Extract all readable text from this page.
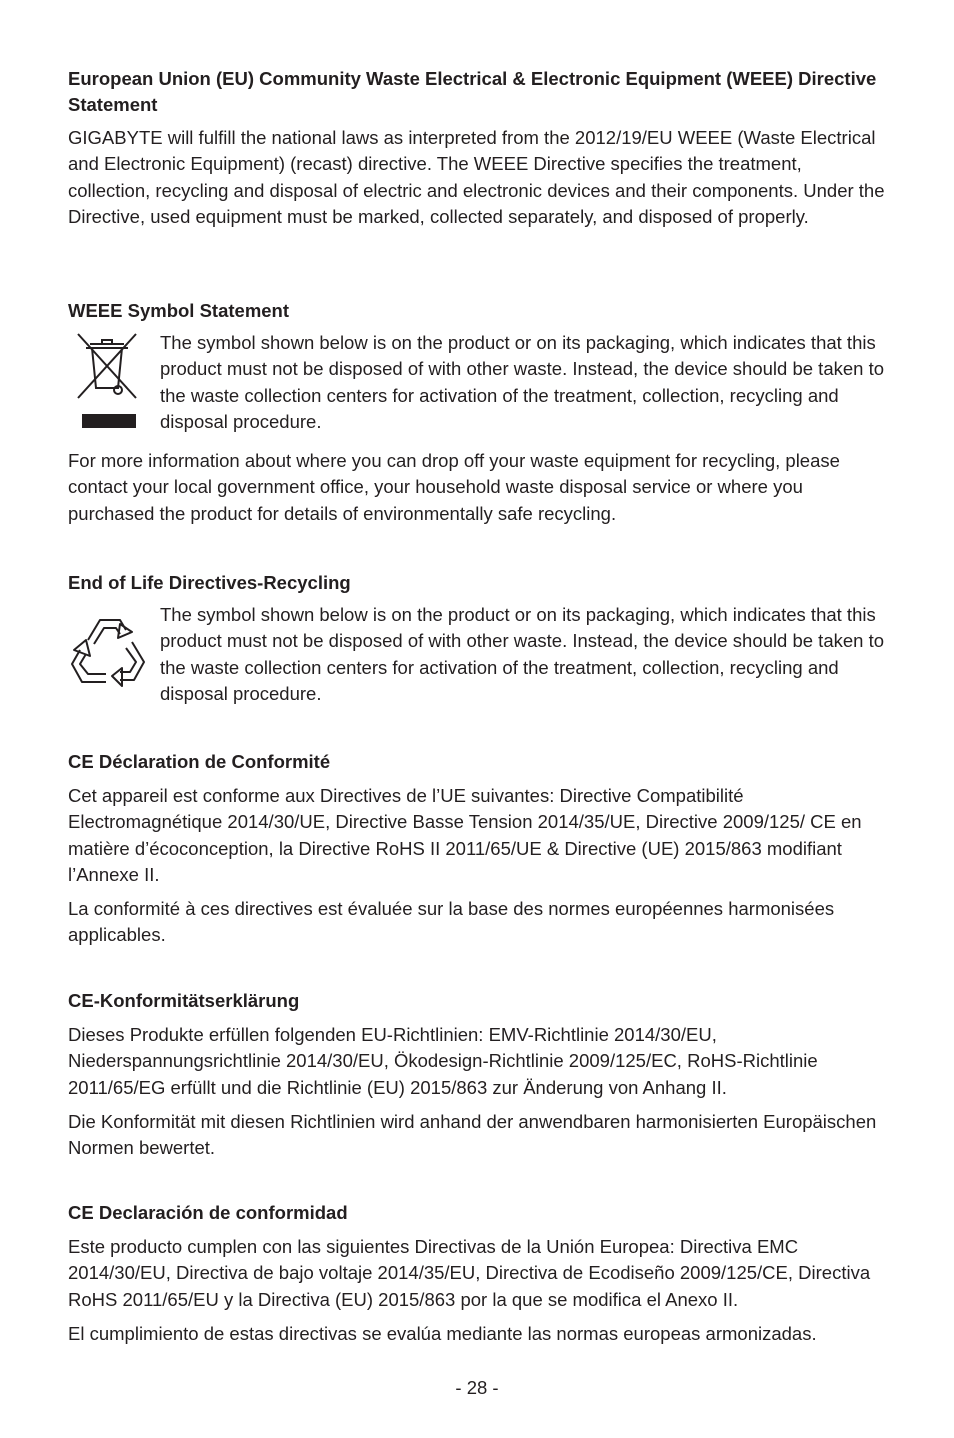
European Union (EU) Community Waste Electrical & Electronic Equipment (WEEE) Directive Statement

GIGABYTE will fulfill the national laws as interpreted from the 2012/19/EU WEEE (Waste Electrical and Electronic Equipment) (recast) directive. The WEEE Directive specifies the treatment, collection, recycling and disposal of electric and electronic devices and their components. Under the Directive, used equipment must be marked, collected separately, and disposed of properly.

WEEE Symbol Statement

The symbol shown below is on the product or on its packaging, which indicates that this product must not be disposed of with other waste. Instead, the device should be taken to the waste collection centers for activation of the treatment, collection, recycling and disposal procedure.

For more information about where you can drop off your waste equipment for recycling, please contact your local government office, your household waste disposal service or where you purchased the product for details of environmentally safe recycling.

End of Life Directives-Recycling

The symbol shown below is on the product or on its packaging, which indicates that this product must not be disposed of with other waste. Instead, the device should be taken to the waste collection centers for activation of the treatment, collection, recycling and disposal procedure.

CE Déclaration de Conformité

Cet appareil est conforme aux Directives de l’UE suivantes: Directive Compatibilité Electromagnétique 2014/30/UE, Directive Basse Tension 2014/35/UE, Directive 2009/125/ CE en matière d’écoconception, la Directive RoHS II 2011/65/UE & Directive (UE) 2015/863 modifiant l’Annexe II.

La conformité à ces directives est évaluée sur la base des normes européennes harmonisées applicables.

CE-Konformitätserklärung

Dieses Produkte erfüllen folgenden EU-Richtlinien: EMV-Richtlinie 2014/30/EU, Niederspannungsrichtlinie 2014/30/EU, Ökodesign-Richtlinie 2009/125/EC, RoHS-Richtlinie 2011/65/EG erfüllt und die Richtlinie (EU) 2015/863 zur Änderung von Anhang II.

Die Konformität mit diesen Richtlinien wird anhand der anwendbaren harmonisierten Europäischen Normen bewertet.

CE Declaración de conformidad

Este producto cumplen con las siguientes Directivas de la Unión Europea: Directiva EMC 2014/30/EU, Directiva de bajo voltaje 2014/35/EU, Directiva de Ecodiseño 2009/125/CE, Directiva RoHS 2011/65/EU y la Directiva (EU) 2015/863 por la que se modifica el Anexo II.

El cumplimiento de estas directivas se evalúa mediante las normas europeas armonizadas.

- 28 -
